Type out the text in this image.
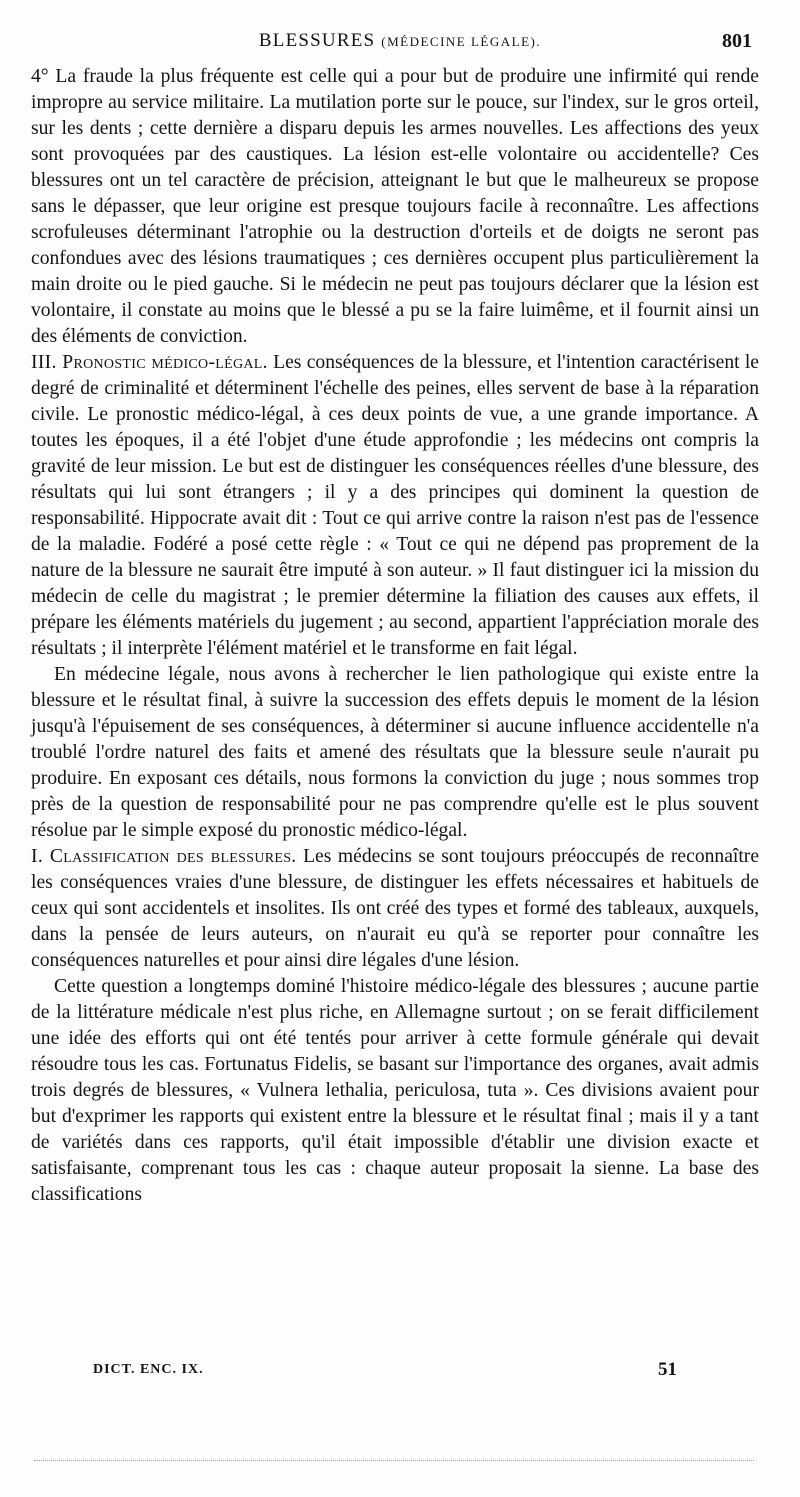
BLESSURES (MÉDECINE LÉGALE).	801

4° La fraude la plus fréquente est celle qui a pour but de produire une infirmité qui rende impropre au service militaire. La mutilation porte sur le pouce, sur l'index, sur le gros orteil, sur les dents ; cette dernière a disparu depuis les armes nouvelles. Les affections des yeux sont provoquées par des caustiques. La lésion est-elle volontaire ou accidentelle? Ces blessures ont un tel caractère de précision, atteignant le but que le malheureux se propose sans le dépasser, que leur origine est presque toujours facile à reconnaître. Les affections scrofuleuses déterminant l'atrophie ou la destruction d'orteils et de doigts ne seront pas confondues avec des lésions traumatiques ; ces dernières occupent plus particulièrement la main droite ou le pied gauche. Si le médecin ne peut pas toujours déclarer que la lésion est volontaire, il constate au moins que le blessé a pu se la faire luimême, et il fournit ainsi un des éléments de conviction.

III. Pronostic médico-légal. Les conséquences de la blessure, et l'intention caractérisent le degré de criminalité et déterminent l'échelle des peines, elles servent de base à la réparation civile. Le pronostic médico-légal, à ces deux points de vue, a une grande importance. A toutes les époques, il a été l'objet d'une étude approfondie ; les médecins ont compris la gravité de leur mission. Le but est de distinguer les conséquences réelles d'une blessure, des résultats qui lui sont étrangers ; il y a des principes qui dominent la question de responsabilité. Hippocrate avait dit : Tout ce qui arrive contre la raison n'est pas de l'essence de la maladie. Fodéré a posé cette règle : « Tout ce qui ne dépend pas proprement de la nature de la blessure ne saurait être imputé à son auteur. » Il faut distinguer ici la mission du médecin de celle du magistrat ; le premier détermine la filiation des causes aux effets, il prépare les éléments matériels du jugement ; au second, appartient l'appréciation morale des résultats ; il interprète l'élément matériel et le transforme en fait légal.

En médecine légale, nous avons à rechercher le lien pathologique qui existe entre la blessure et le résultat final, à suivre la succession des effets depuis le moment de la lésion jusqu'à l'épuisement de ses conséquences, à déterminer si aucune influence accidentelle n'a troublé l'ordre naturel des faits et amené des résultats que la blessure seule n'aurait pu produire. En exposant ces détails, nous formons la conviction du juge ; nous sommes trop près de la question de responsabilité pour ne pas comprendre qu'elle est le plus souvent résolue par le simple exposé du pronostic médico-légal.

I. Classification des blessures. Les médecins se sont toujours préoccupés de reconnaître les conséquences vraies d'une blessure, de distinguer les effets nécessaires et habituels de ceux qui sont accidentels et insolites. Ils ont créé des types et formé des tableaux, auxquels, dans la pensée de leurs auteurs, on n'aurait eu qu'à se reporter pour connaître les conséquences naturelles et pour ainsi dire légales d'une lésion.

Cette question a longtemps dominé l'histoire médico-légale des blessures ; aucune partie de la littérature médicale n'est plus riche, en Allemagne surtout ; on se ferait difficilement une idée des efforts qui ont été tentés pour arriver à cette formule générale qui devait résoudre tous les cas. Fortunatus Fidelis, se basant sur l'importance des organes, avait admis trois degrés de blessures, « Vulnera lethalia, periculosa, tuta ». Ces divisions avaient pour but d'exprimer les rapports qui existent entre la blessure et le résultat final ; mais il y a tant de variétés dans ces rapports, qu'il était impossible d'établir une division exacte et satisfaisante, comprenant tous les cas : chaque auteur proposait la sienne. La base des classifications

DICT. ENC. IX.	51
